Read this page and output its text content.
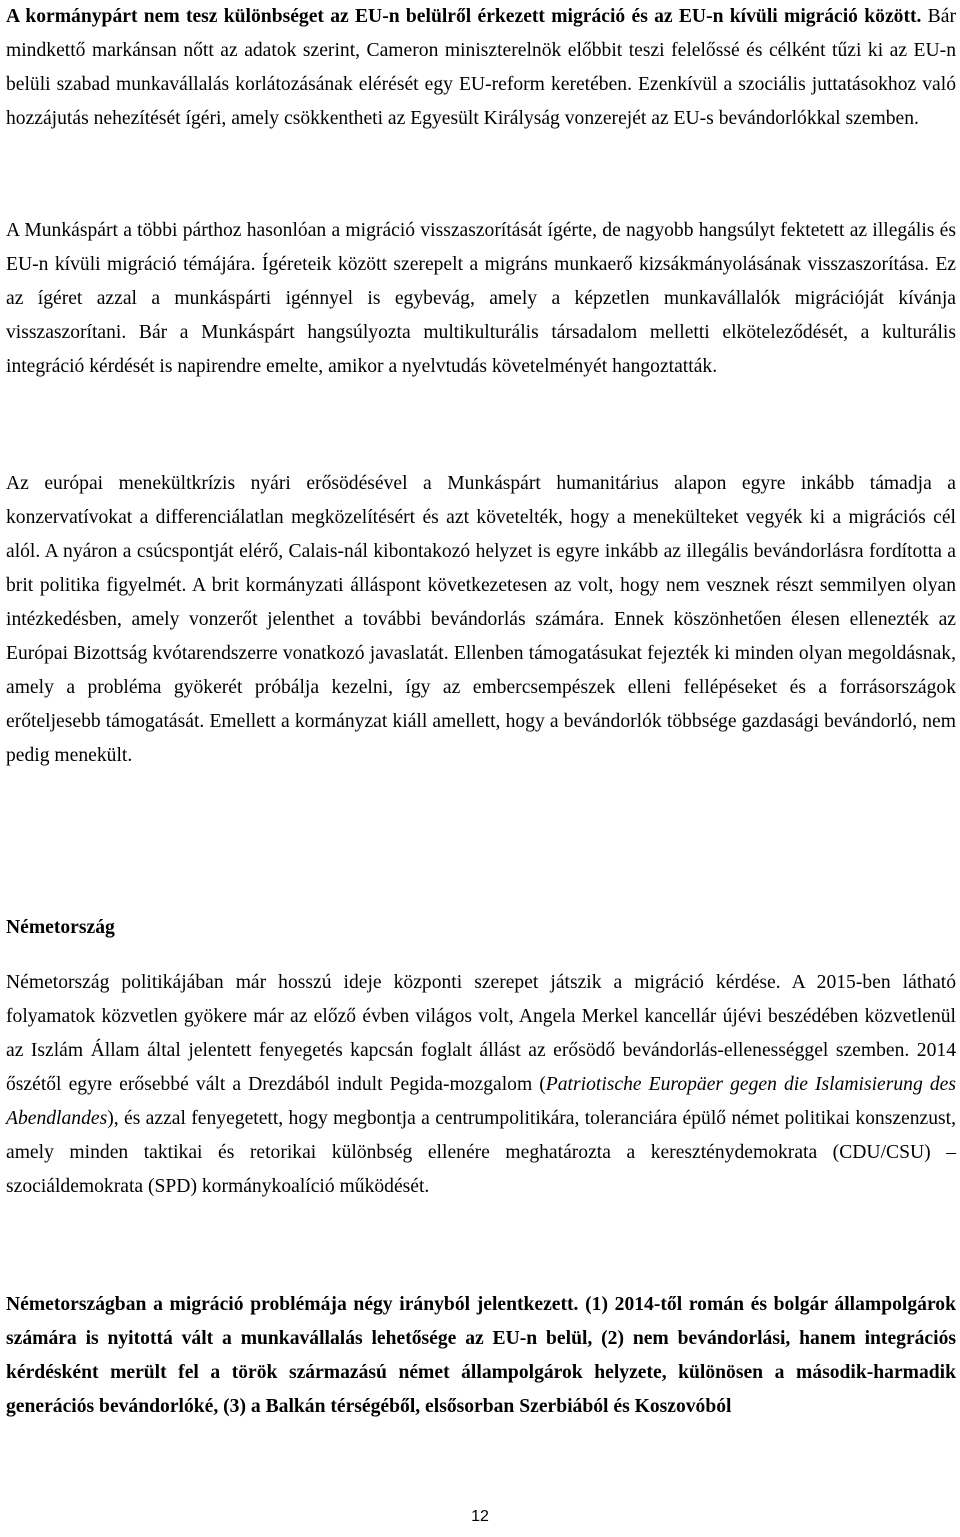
A kormánypárt nem tesz különbséget az EU-n belülről érkezett migráció és az EU-n kívüli migráció között. Bár mindkettő markánsan nőtt az adatok szerint, Cameron miniszterelnök előbbit teszi felelőssé és célként tűzi ki az EU-n belüli szabad munkavállalás korlátozásának elérését egy EU-reform keretében. Ezenkívül a szociális juttatásokhoz való hozzájutás nehezítését ígéri, amely csökkentheti az Egyesült Királyság vonzerejét az EU-s bevándorlókkal szemben.

A Munkáspárt a többi párthoz hasonlóan a migráció visszaszorítását ígérte, de nagyobb hangsúlyt fektetett az illegális és EU-n kívüli migráció témájára. Ígéreteik között szerepelt a migráns munkaerő kizsákmányolásának visszaszorítása. Ez az ígéret azzal a munkáspárti igénnyel is egybevág, amely a képzetlen munkavállalók migrációját kívánja visszaszorítani. Bár a Munkáspárt hangsúlyozta multikulturális társadalom melletti elköteleződését, a kulturális integráció kérdését is napirendre emelte, amikor a nyelvtudás követelményét hangoztatták.

Az európai menekültkrízis nyári erősödésével a Munkáspárt humanitárius alapon egyre inkább támadja a konzervatívokat a differenciálatlan megközelítésért és azt követelték, hogy a menekülteket vegyék ki a migrációs cél alól. A nyáron a csúcspontját elérő, Calais-nál kibontakozó helyzet is egyre inkább az illegális bevándorlásra fordította a brit politika figyelmét. A brit kormányzati álláspont következetesen az volt, hogy nem vesznek részt semmilyen olyan intézkedésben, amely vonzerőt jelenthet a további bevándorlás számára. Ennek köszönhetően élesen ellenezték az Európai Bizottság kvótarendszerre vonatkozó javaslatát. Ellenben támogatásukat fejezték ki minden olyan megoldásnak, amely a probléma gyökerét próbálja kezelni, így az embercsempészek elleni fellépéseket és a forrásországok erőteljesebb támogatását. Emellett a kormányzat kiáll amellett, hogy a bevándorlók többsége gazdasági bevándorló, nem pedig menekült.

Németország

Németország politikájában már hosszú ideje központi szerepet játszik a migráció kérdése. A 2015-ben látható folyamatok közvetlen gyökere már az előző évben világos volt, Angela Merkel kancellár újévi beszédében közvetlenül az Iszlám Állam által jelentett fenyegetés kapcsán foglalt állást az erősödő bevándorlás-ellenességgel szemben. 2014 őszétől egyre erősebbé vált a Drezdából indult Pegida-mozgalom (Patriotische Europäer gegen die Islamisierung des Abendlandes), és azzal fenyegetett, hogy megbontja a centrumpolitikára, toleranciára épülő német politikai konszenzust, amely minden taktikai és retorikai különbség ellenére meghatározta a kereszténydemokrata (CDU/CSU) – szociáldemokrata (SPD) kormánykoalíció működését.

Németországban a migráció problémája négy irányból jelentkezett. (1) 2014-től román és bolgár állampolgárok számára is nyitottá vált a munkavállalás lehetősége az EU-n belül, (2) nem bevándorlási, hanem integrációs kérdésként merült fel a török származású német állampolgárok helyzete, különösen a második-harmadik generációs bevándorlóké, (3) a Balkán térségéből, elsősorban Szerbiából és Koszovóból

12
